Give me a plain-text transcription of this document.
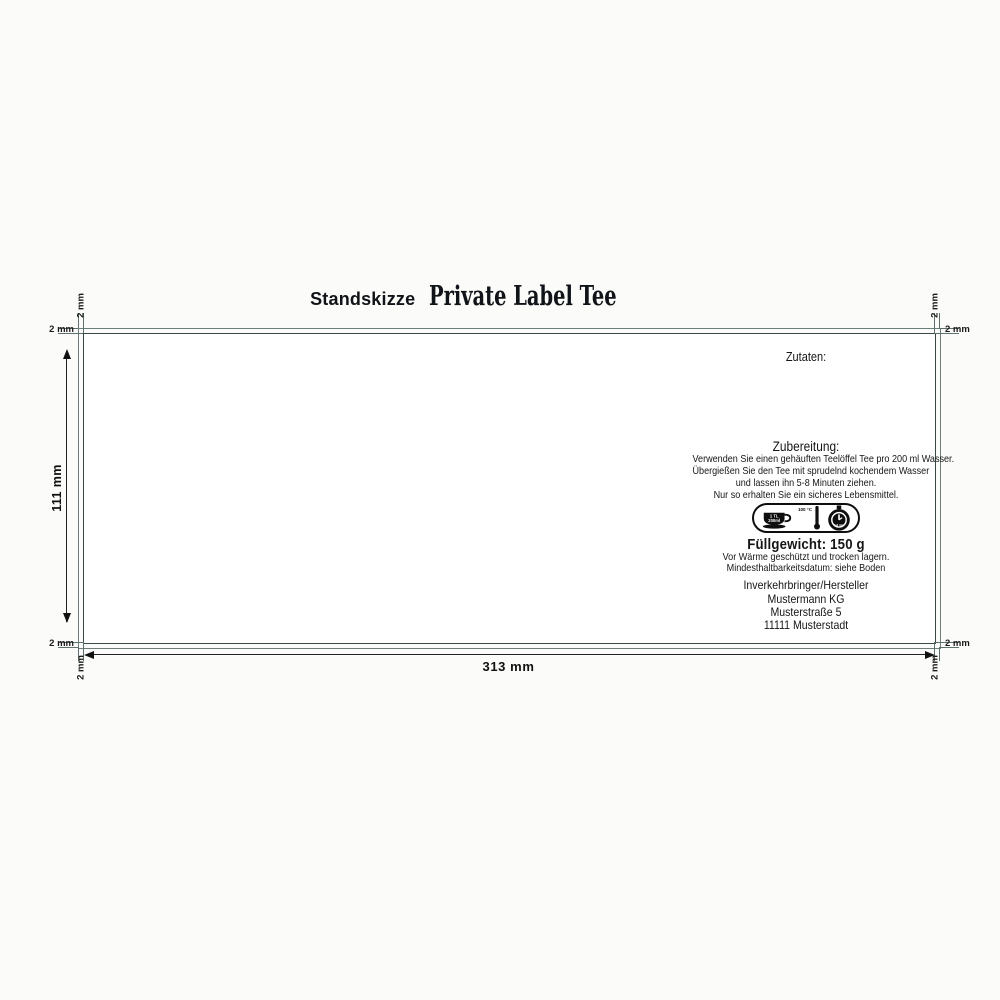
Standskizze Private Label Tee
2 mm	2 mm
2 mm	2 mm
2 mm	2 mm
2 mm	2 mm
111 mm
313 mm
Zutaten:
Zubereitung:
Verwenden Sie einen gehäuften Teelöffel Tee pro 200 ml Wasser.
Übergießen Sie den Tee mit sprudelnd kochendem Wasser
und lassen ihn 5-8 Minuten ziehen.
Nur so erhalten Sie ein sicheres Lebensmittel.
1 TL
200ml
100 °C
5-8 min
Füllgewicht: 150 g
Vor Wärme geschützt und trocken lagern.
Mindesthaltbarkeitsdatum: siehe Boden
Inverkehrbringer/Hersteller
Mustermann KG
Musterstraße 5
11111 Musterstadt
